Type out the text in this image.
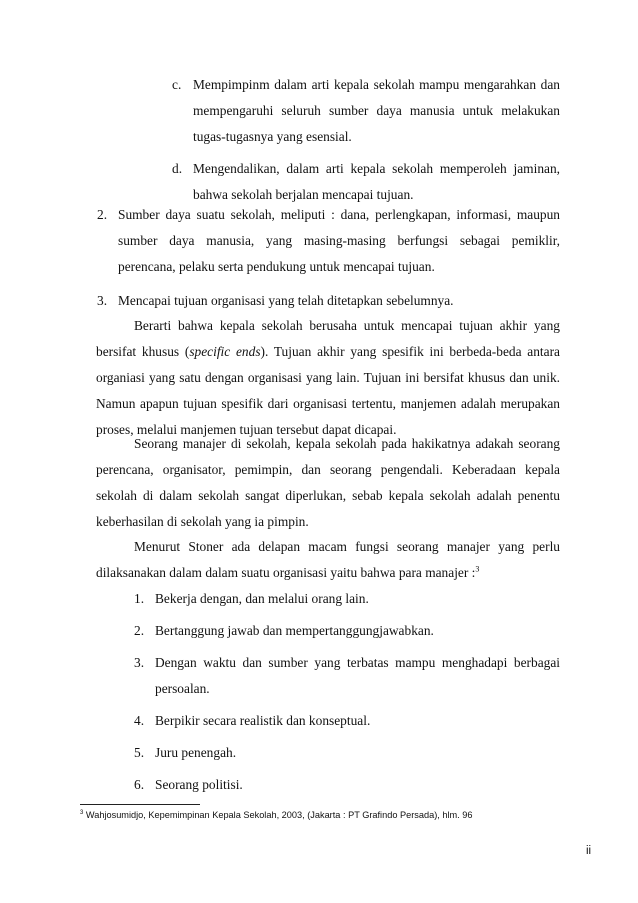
c. Mempimpinm dalam arti kepala sekolah mampu mengarahkan dan mempengaruhi seluruh sumber daya manusia untuk melakukan tugas-tugasnya yang esensial.
d. Mengendalikan, dalam arti kepala sekolah memperoleh jaminan, bahwa sekolah berjalan mencapai tujuan.
2. Sumber daya suatu sekolah, meliputi : dana, perlengkapan, informasi, maupun sumber daya manusia, yang masing-masing berfungsi sebagai pemiklir, perencana, pelaku serta pendukung untuk mencapai tujuan.
3. Mencapai tujuan organisasi yang telah ditetapkan sebelumnya.

Berarti bahwa kepala sekolah berusaha untuk mencapai tujuan akhir yang bersifat khusus (specific ends). Tujuan akhir yang spesifik ini berbeda-beda antara organiasi yang satu dengan organisasi yang lain. Tujuan ini bersifat khusus dan unik. Namun apapun tujuan spesifik dari organisasi tertentu, manjemen adalah merupakan proses, melalui manjemen tujuan tersebut dapat dicapai.

Seorang manajer di sekolah, kepala sekolah pada hakikatnya adakah seorang perencana, organisator, pemimpin, dan seorang pengendali. Keberadaan kepala sekolah di dalam sekolah sangat diperlukan, sebab kepala sekolah adalah penentu keberhasilan di sekolah yang ia pimpin.

Menurut Stoner ada delapan macam fungsi seorang manajer yang perlu dilaksanakan dalam dalam suatu organisasi yaitu bahwa para manajer :$^3$

1. Bekerja dengan, dan melalui orang lain.
2. Bertanggung jawab dan mempertanggungjawabkan.
3. Dengan waktu dan sumber yang terbatas mampu menghadapi berbagai persoalan.
4. Berpikir secara realistik dan konseptual.
5. Juru penengah.
6. Seorang politisi.
$^3$ Wahjosumidjo, Kepemimpinan Kepala Sekolah, 2003, (Jakarta : PT Grafindo Persada), hlm. 96
ii
